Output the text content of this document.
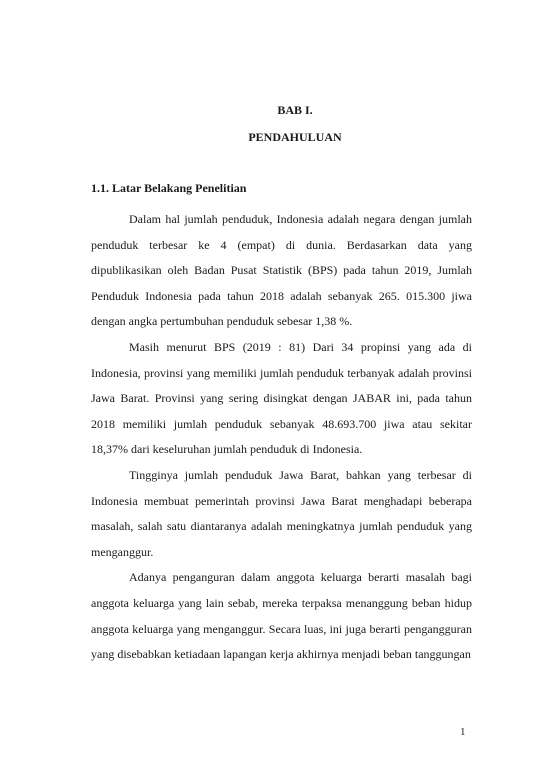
BAB I.
PENDAHULUAN
1.1. Latar Belakang Penelitian

Dalam hal jumlah penduduk, Indonesia adalah negara dengan jumlah penduduk terbesar ke 4 (empat) di dunia. Berdasarkan data yang dipublikasikan oleh Badan Pusat Statistik (BPS) pada tahun 2019, Jumlah Penduduk Indonesia pada tahun 2018 adalah sebanyak 265. 015.300 jiwa dengan angka pertumbuhan penduduk sebesar 1,38 %.

Masih menurut BPS (2019 : 81) Dari 34 propinsi yang ada di Indonesia, provinsi yang memiliki jumlah penduduk terbanyak adalah provinsi Jawa Barat. Provinsi yang sering disingkat dengan JABAR ini, pada tahun 2018 memiliki jumlah penduduk sebanyak 48.693.700 jiwa atau sekitar 18,37% dari keseluruhan jumlah penduduk di Indonesia.

Tingginya jumlah penduduk Jawa Barat, bahkan yang terbesar di Indonesia membuat pemerintah provinsi Jawa Barat menghadapi beberapa masalah, salah satu diantaranya adalah meningkatnya jumlah penduduk yang menganggur.

Adanya penganguran dalam anggota keluarga berarti masalah bagi anggota keluarga yang lain sebab, mereka terpaksa menanggung beban hidup anggota keluarga yang menganggur. Secara luas, ini juga berarti pengangguran yang disebabkan ketiadaan lapangan kerja akhirnya menjadi beban tanggungan

1
